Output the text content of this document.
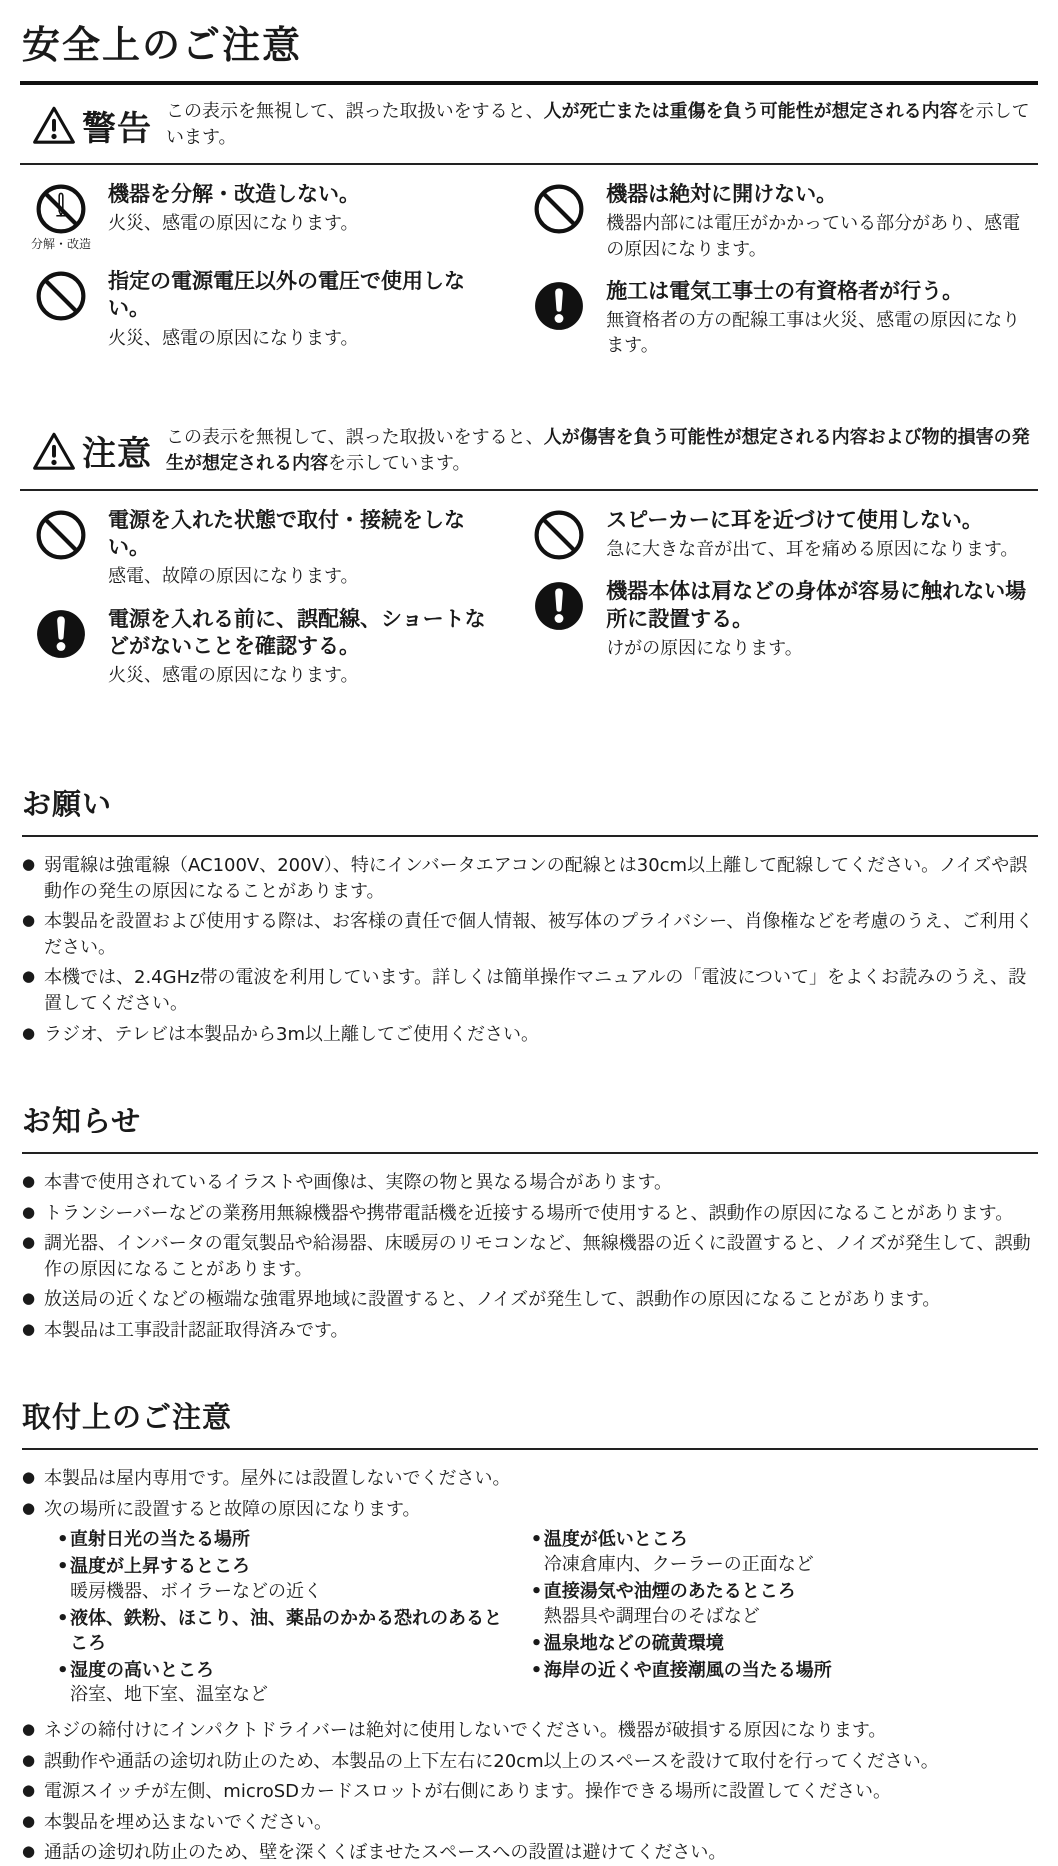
安全上のご注意
警告 この表示を無視して、誤った取扱いをすると、人が死亡または重傷を負う可能性が想定される内容を示しています。
分解・改造
機器を分解・改造しない。
火災、感電の原因になります。
指定の電源電圧以外の電圧で使用しない。
火災、感電の原因になります。
機器は絶対に開けない。
機器内部には電圧がかかっている部分があり、感電の原因になります。
施工は電気工事士の有資格者が行う。
無資格者の方の配線工事は火災、感電の原因になります。
注意 この表示を無視して、誤った取扱いをすると、人が傷害を負う可能性が想定される内容および物的損害の発生が想定される内容を示しています。
電源を入れた状態で取付・接続をしない。
感電、故障の原因になります。
電源を入れる前に、誤配線、ショートなどがないことを確認する。
火災、感電の原因になります。
スピーカーに耳を近づけて使用しない。
急に大きな音が出て、耳を痛める原因になります。
機器本体は肩などの身体が容易に触れない場所に設置する。
けがの原因になります。
お願い
● 弱電線は強電線（AC100V、200V）、特にインバータエアコンの配線とは30cm以上離して配線してください。ノイズや誤動作の発生の原因になることがあります。
● 本製品を設置および使用する際は、お客様の責任で個人情報、被写体のプライバシー、肖像権などを考慮のうえ、ご利用ください。
● 本機では、2.4GHz帯の電波を利用しています。詳しくは簡単操作マニュアルの「電波について」をよくお読みのうえ、設置してください。
● ラジオ、テレビは本製品から3m以上離してご使用ください。
お知らせ
● 本書で使用されているイラストや画像は、実際の物と異なる場合があります。
● トランシーバーなどの業務用無線機器や携帯電話機を近接する場所で使用すると、誤動作の原因になることがあります。
● 調光器、インバータの電気製品や給湯器、床暖房のリモコンなど、無線機器の近くに設置すると、ノイズが発生して、誤動作の原因になることがあります。
● 放送局の近くなどの極端な強電界地域に設置すると、ノイズが発生して、誤動作の原因になることがあります。
● 本製品は工事設計認証取得済みです。
取付上のご注意
● 本製品は屋内専用です。屋外には設置しないでください。
● 次の場所に設置すると故障の原因になります。
• 直射日光の当たる場所
• 温度が上昇するところ
暖房機器、ボイラーなどの近く
• 液体、鉄粉、ほこり、油、薬品のかかる恐れのあるところ
• 湿度の高いところ
浴室、地下室、温室など
• 温度が低いところ
冷凍倉庫内、クーラーの正面など
• 直接湯気や油煙のあたるところ
熱器具や調理台のそばなど
• 温泉地などの硫黄環境
• 海岸の近くや直接潮風の当たる場所
● ネジの締付けにインパクトドライバーは絶対に使用しないでください。機器が破損する原因になります。
● 誤動作や通話の途切れ防止のため、本製品の上下左右に20cm以上のスペースを設けて取付を行ってください。
● 電源スイッチが左側、microSDカードスロットが右側にあります。操作できる場所に設置してください。
● 本製品を埋め込まないでください。
● 通話の途切れ防止のため、壁を深くくぼませたスペースへの設置は避けてください。
